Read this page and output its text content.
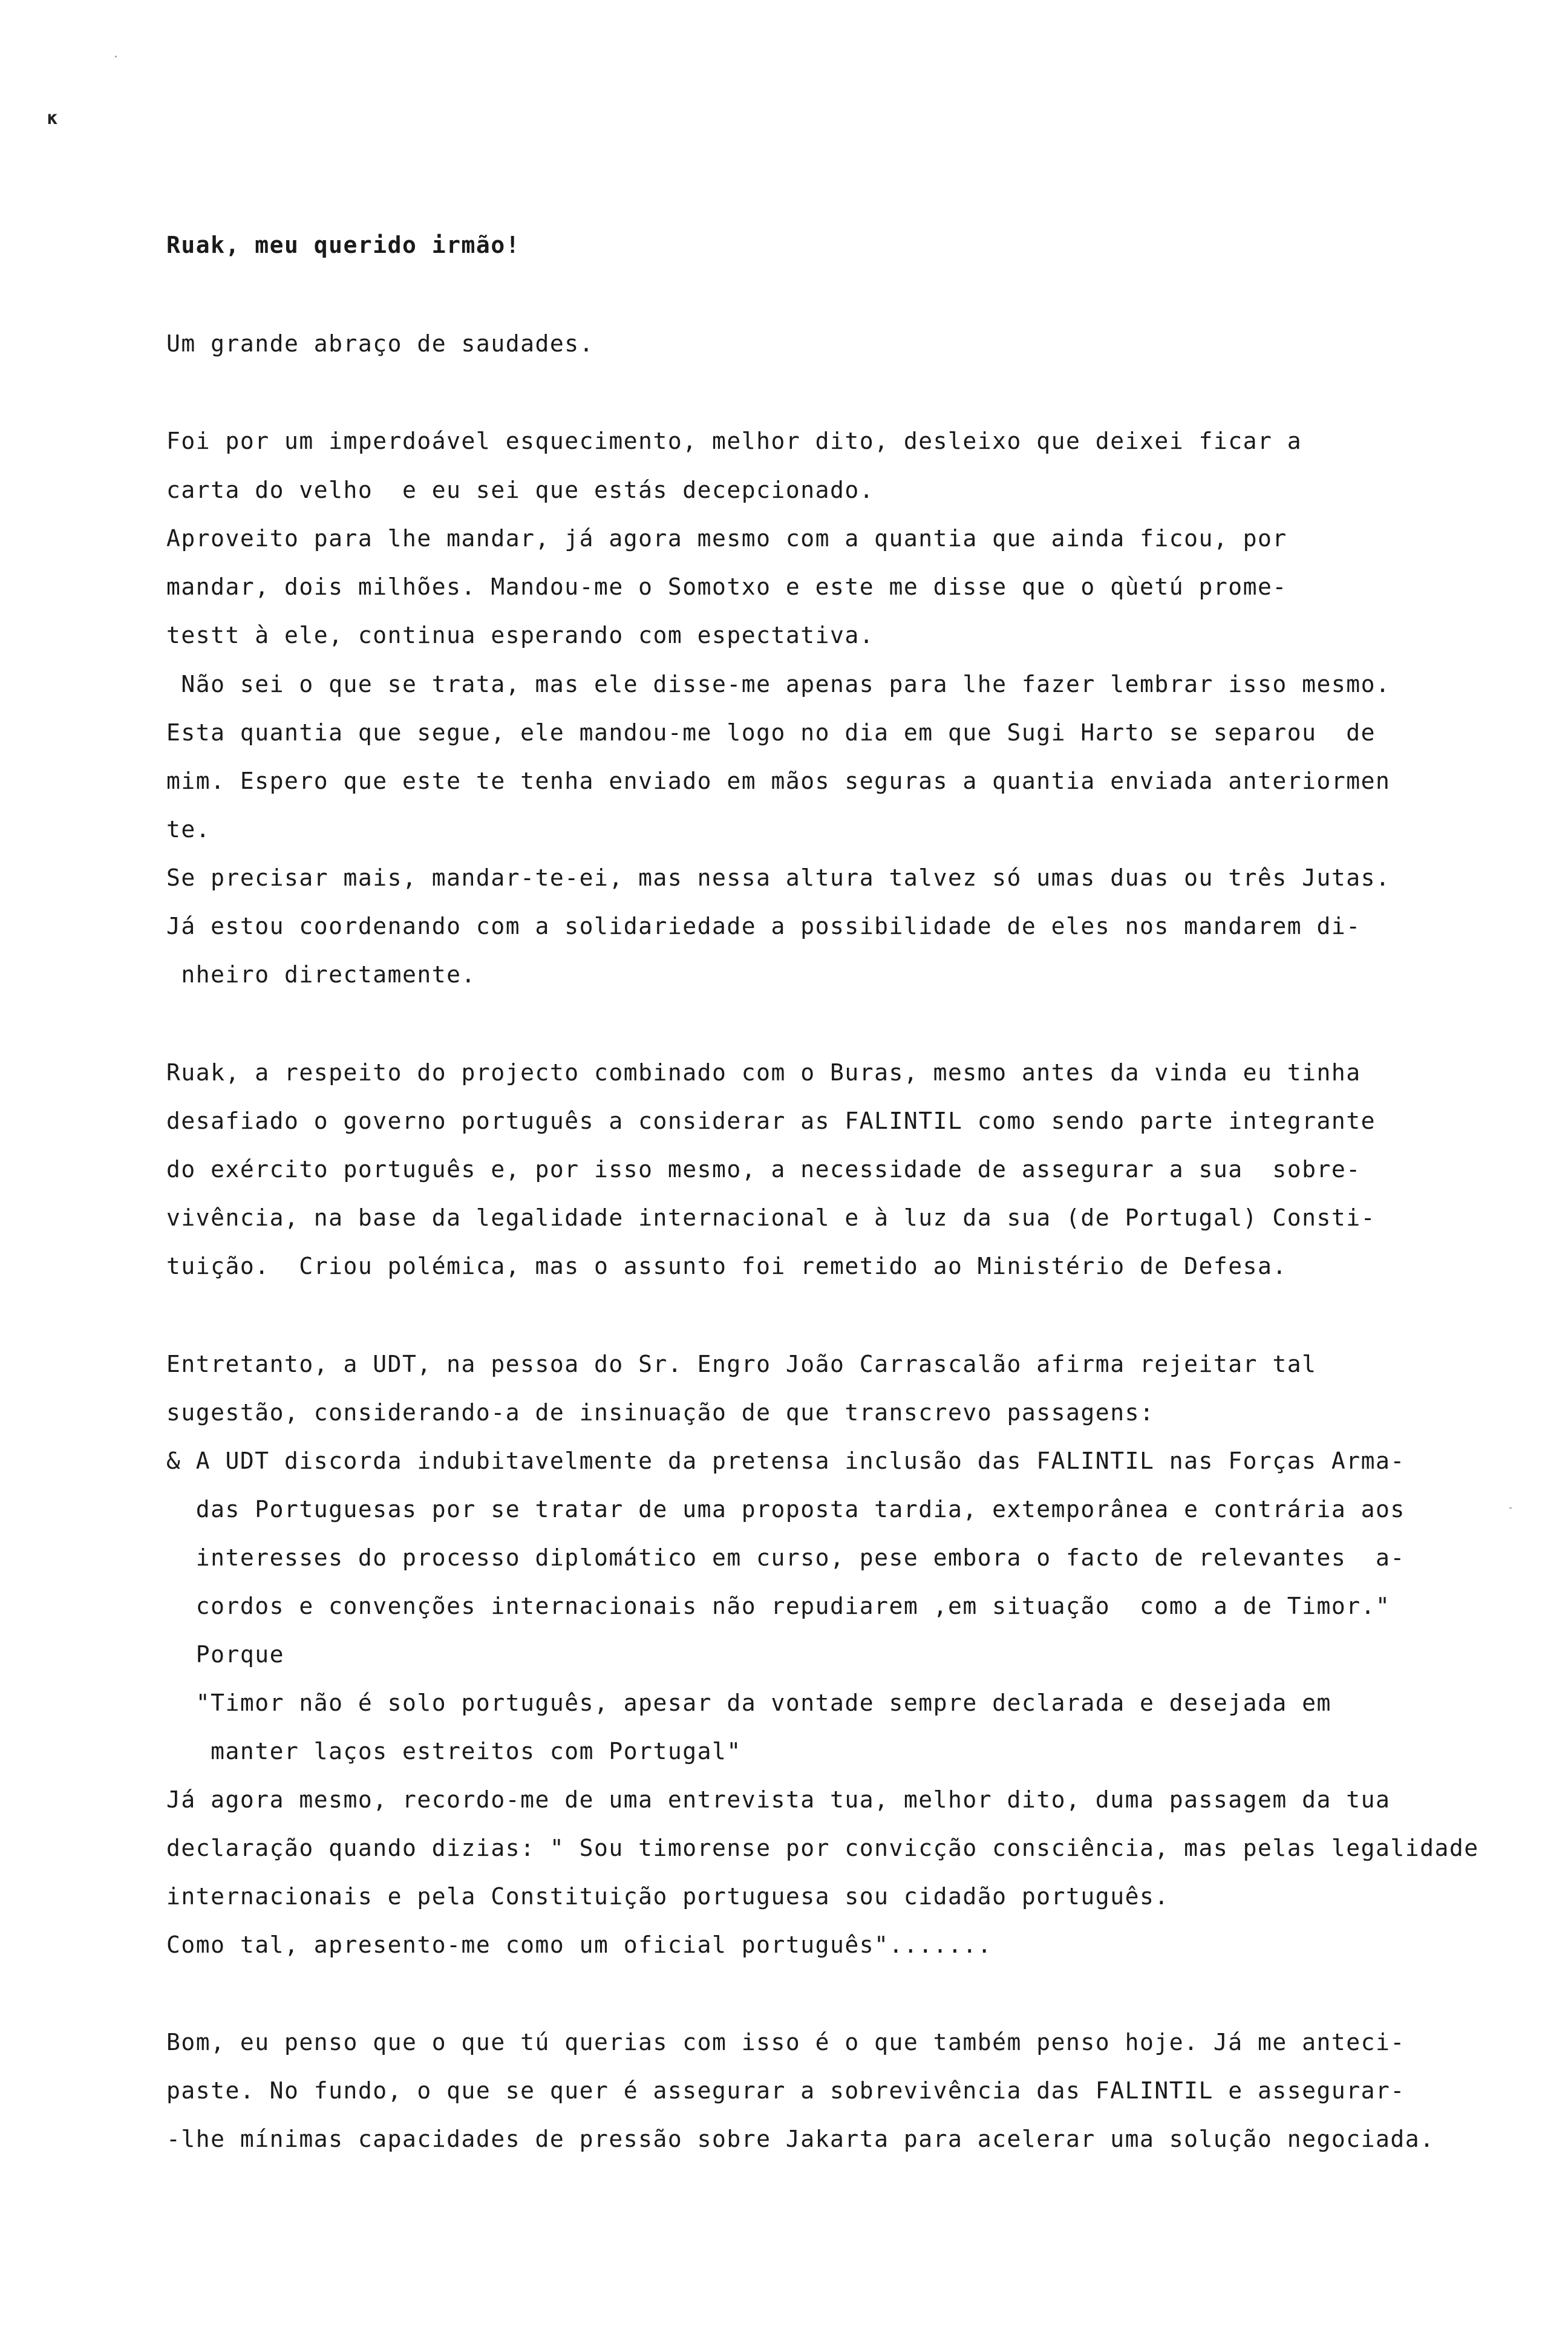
𝛋
Ruak, meu querido irmão!
Um grande abraço de saudades.
Foi por um imperdoável esquecimento, melhor dito, desleixo que deixei ficar a
carta do velho  e eu sei que estás decepcionado.
Aproveito para lhe mandar, já agora mesmo com a quantia que ainda ficou, por
mandar, dois milhões. Mandou-me o Somotxo e este me disse que o qùetú prome-
testt à ele, continua esperando com espectativa.
Não sei o que se trata, mas ele disse-me apenas para lhe fazer lembrar isso mesmo.
Esta quantia que segue, ele mandou-me logo no dia em que Sugi Harto se separou  de
mim. Espero que este te tenha enviado em mãos seguras a quantia enviada anteriormen
te.
Se precisar mais, mandar-te-ei, mas nessa altura talvez só umas duas ou três Jutas.
Já estou coordenando com a solidariedade a possibilidade de eles nos mandarem di-
nheiro directamente.
Ruak, a respeito do projecto combinado com o Buras, mesmo antes da vinda eu tinha
desafiado o governo português a considerar as FALINTIL como sendo parte integrante
do exército português e, por isso mesmo, a necessidade de assegurar a sua  sobre-
vivência, na base da legalidade internacional e à luz da sua (de Portugal) Consti-
tuição.  Criou polémica, mas o assunto foi remetido ao Ministério de Defesa.
Entretanto, a UDT, na pessoa do Sr. Engro João Carrascalão afirma rejeitar tal
sugestão, considerando-a de insinuação de que transcrevo passagens:
& A UDT discorda indubitavelmente da pretensa inclusão das FALINTIL nas Forças Arma-
das Portuguesas por se tratar de uma proposta tardia, extemporânea e contrária aos
interesses do processo diplomático em curso, pese embora o facto de relevantes  a-
cordos e convenções internacionais não repudiarem ,em situação  como a de Timor."
Porque
"Timor não é solo português, apesar da vontade sempre declarada e desejada em
manter laços estreitos com Portugal"
Já agora mesmo, recordo-me de uma entrevista tua, melhor dito, duma passagem da tua
declaração quando dizias: " Sou timorense por convicção consciência, mas pelas legalidade
internacionais e pela Constituição portuguesa sou cidadão português.
Como tal, apresento-me como um oficial português".......
Bom, eu penso que o que tú querias com isso é o que também penso hoje. Já me anteci-
paste. No fundo, o que se quer é assegurar a sobrevivência das FALINTIL e assegurar-
-lhe mínimas capacidades de pressão sobre Jakarta para acelerar uma solução negociada.
